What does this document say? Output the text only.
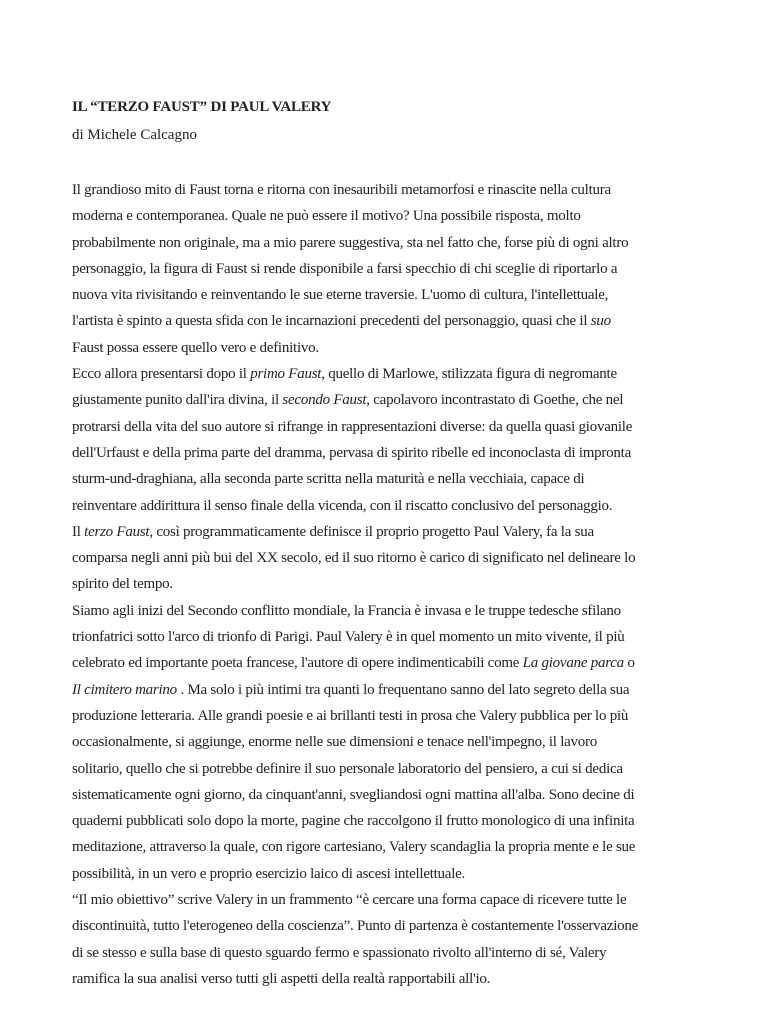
IL “TERZO FAUST” DI PAUL VALERY
di Michele Calcagno
Il grandioso mito di Faust torna e ritorna con inesauribili metamorfosi e rinascite nella cultura
moderna e contemporanea. Quale ne può essere il motivo? Una possibile risposta, molto
probabilmente non originale, ma a mio parere suggestiva, sta nel fatto che, forse più di ogni altro
personaggio, la figura di Faust si rende disponibile a farsi specchio di chi sceglie di riportarlo a
nuova vita rivisitando e reinventando le sue eterne traversie. L'uomo di cultura, l'intellettuale,
l'artista è spinto a questa sfida con le incarnazioni precedenti del personaggio, quasi che il suo
Faust possa essere quello vero e definitivo.
Ecco allora presentarsi dopo il primo Faust, quello di Marlowe, stilizzata figura di negromante
giustamente punito dall'ira divina, il secondo Faust, capolavoro incontrastato di Goethe, che nel
protrarsi della vita del suo autore si rifrange in rappresentazioni diverse: da quella quasi giovanile
dell'Urfaust e della prima parte del dramma, pervasa di spirito ribelle ed inconoclasta di impronta
sturm-und-draghiana, alla seconda parte scritta nella maturità e nella vecchiaia, capace di
reinventare addirittura il senso finale della vicenda, con il riscatto conclusivo del personaggio.
Il terzo Faust, così programmaticamente definisce il proprio progetto Paul Valery, fa la sua
comparsa negli anni più bui del XX secolo, ed il suo ritorno è carico di significato nel delineare lo
spirito del tempo.
Siamo agli inizi del Secondo conflitto mondiale, la Francia è invasa e le truppe tedesche sfilano
trionfatrici sotto l'arco di trionfo di Parigi. Paul Valery è in quel momento un mito vivente, il più
celebrato ed importante poeta francese, l'autore di opere indimenticabili come La giovane parca o
Il cimitero marino . Ma solo i più intimi tra quanti lo frequentano sanno del lato segreto della sua
produzione letteraria. Alle grandi poesie e ai brillanti testi in prosa che Valery pubblica per lo più
occasionalmente, si aggiunge, enorme nelle sue dimensioni e tenace nell'impegno, il lavoro
solitario, quello che si potrebbe definire il suo personale laboratorio del pensiero, a cui si dedica
sistematicamente ogni giorno, da cinquant'anni, svegliandosi ogni mattina all'alba. Sono decine di
quaderni pubblicati solo dopo la morte, pagine che raccolgono il frutto monologico di una infinita
meditazione, attraverso la quale, con rigore cartesiano, Valery scandaglia la propria mente e le sue
possibilità, in un vero e proprio esercizio laico di ascesi intellettuale.
“Il mio obiettivo” scrive Valery in un frammento “è cercare una forma capace di ricevere tutte le
discontinuità, tutto l'eterogeneo della coscienza”. Punto di partenza è costantemente l'osservazione
di se stesso e sulla base di questo sguardo fermo e spassionato rivolto all'interno di sé, Valery
ramifica la sua analisi verso tutti gli aspetti della realtà rapportabili all'io.
